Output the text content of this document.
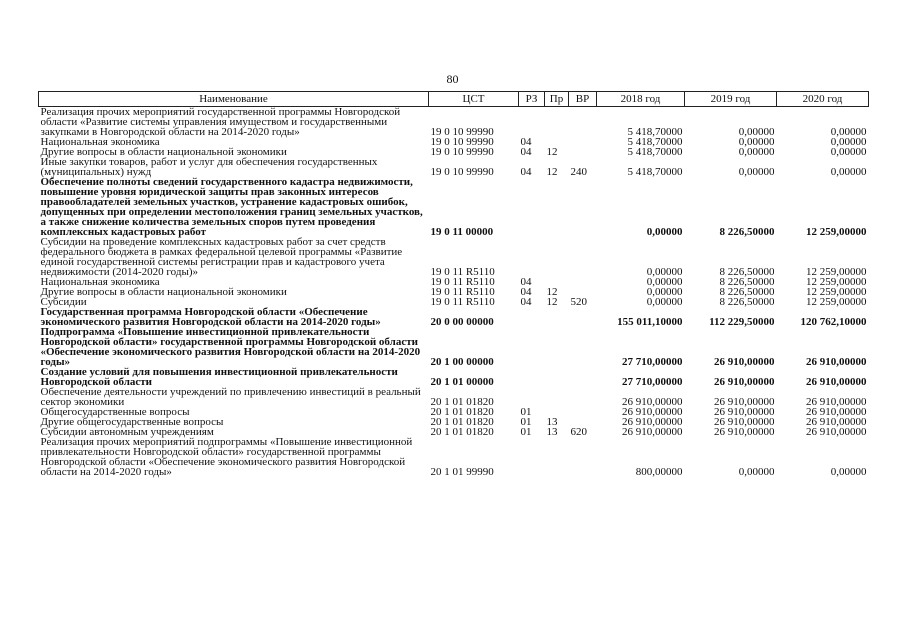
80
Наименование	ЦСТ	РЗ	Пр	ВР	2018 год	2019 год	2020 год
Реализация прочих мероприятий государственной программы Новгородской области «Развитие системы управления имуществом и государственными закупками в Новгородской области на 2014-2020 годы»	19 0 10 99990				5 418,70000	0,00000	0,00000
Национальная экономика	19 0 10 99990	04			5 418,70000	0,00000	0,00000
Другие вопросы в области национальной экономики	19 0 10 99990	04	12		5 418,70000	0,00000	0,00000
Иные закупки товаров, работ и услуг для обеспечения государственных (муниципальных) нужд	19 0 10 99990	04	12	240	5 418,70000	0,00000	0,00000
Обеспечение полноты сведений государственного кадастра недвижимости, повышение уровня юридической защиты прав законных интересов правообладателей земельных участков, устранение кадастровых ошибок, допущенных при определении местоположения границ земельных участков, а также снижение количества земельных споров путем проведения комплексных кадастровых работ	19 0 11 00000				0,00000	8 226,50000	12 259,00000
Субсидии на проведение комплексных кадастровых работ за счет средств федерального бюджета в рамках федеральной целевой программы «Развитие единой государственной системы регистрации прав и кадастрового учета недвижимости (2014-2020 годы)»	19 0 11 R5110				0,00000	8 226,50000	12 259,00000
Национальная экономика	19 0 11 R5110	04			0,00000	8 226,50000	12 259,00000
Другие вопросы в области национальной экономики	19 0 11 R5110	04	12		0,00000	8 226,50000	12 259,00000
Субсидии	19 0 11 R5110	04	12	520	0,00000	8 226,50000	12 259,00000
Государственная программа Новгородской области «Обеспечение экономического развития Новгородской области на 2014-2020 годы»	20 0 00 00000				155 011,10000	112 229,50000	120 762,10000
Подпрограмма «Повышение инвестиционной привлекательности Новгородской области» государственной программы Новгородской области «Обеспечение экономического развития Новгородской области на 2014-2020 годы»	20 1 00 00000				27 710,00000	26 910,00000	26 910,00000
Создание условий для повышения инвестиционной привлекательности Новгородской области	20 1 01 00000				27 710,00000	26 910,00000	26 910,00000
Обеспечение деятельности учреждений по привлечению инвестиций в реальный сектор экономики	20 1 01 01820				26 910,00000	26 910,00000	26 910,00000
Общегосударственные вопросы	20 1 01 01820	01			26 910,00000	26 910,00000	26 910,00000
Другие общегосударственные вопросы	20 1 01 01820	01	13		26 910,00000	26 910,00000	26 910,00000
Субсидии автономным учреждениям	20 1 01 01820	01	13	620	26 910,00000	26 910,00000	26 910,00000
Реализация прочих мероприятий подпрограммы «Повышение инвестиционной привлекательности Новгородской области» государственной программы Новгородской области «Обеспечение экономического развития Новгородской области на 2014-2020 годы»	20 1 01 99990				800,00000	0,00000	0,00000
